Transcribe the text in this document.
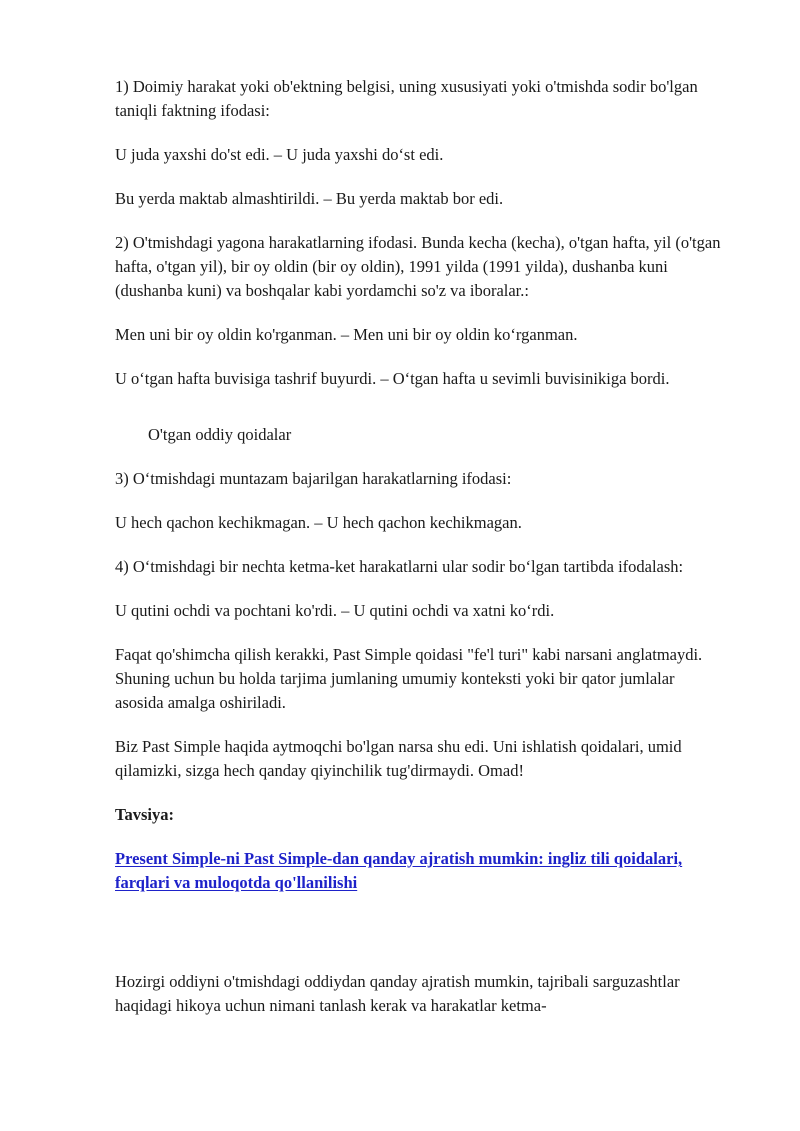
1) Doimiy harakat yoki ob'ektning belgisi, uning xususiyati yoki o'tmishda sodir bo'lgan taniqli faktning ifodasi:

U juda yaxshi do'st edi. – U juda yaxshi do‘st edi.

Bu yerda maktab almashtirildi. – Bu yerda maktab bor edi.

2) O'tmishdagi yagona harakatlarning ifodasi. Bunda kecha (kecha), o'tgan hafta, yil (o'tgan hafta, o'tgan yil), bir oy oldin (bir oy oldin), 1991 yilda (1991 yilda), dushanba kuni (dushanba kuni) va boshqalar kabi yordamchi so'z va iboralar.:

Men uni bir oy oldin ko'rganman. – Men uni bir oy oldin ko‘rganman.

U o‘tgan hafta buvisiga tashrif buyurdi. – O‘tgan hafta u sevimli buvisinikiga bordi.

O'tgan oddiy qoidalar

3) O‘tmishdagi muntazam bajarilgan harakatlarning ifodasi:

U hech qachon kechikmagan. – U hech qachon kechikmagan.

4) O‘tmishdagi bir nechta ketma-ket harakatlarni ular sodir bo‘lgan tartibda ifodalash:

U qutini ochdi va pochtani ko'rdi. – U qutini ochdi va xatni ko‘rdi.

Faqat qo'shimcha qilish kerakki, Past Simple qoidasi "fe'l turi" kabi narsani anglatmaydi. Shuning uchun bu holda tarjima jumlaning umumiy konteksti yoki bir qator jumlalar asosida amalga oshiriladi.

Biz Past Simple haqida aytmoqchi bo'lgan narsa shu edi. Uni ishlatish qoidalari, umid qilamizki, sizga hech qanday qiyinchilik tug'dirmaydi. Omad!

Tavsiya:

Present Simple-ni Past Simple-dan qanday ajratish mumkin: ingliz tili qoidalari, farqlari va muloqotda qo'llanilishi

Hozirgi oddiyni o'tmishdagi oddiydan qanday ajratish mumkin, tajribali sarguzashtlar haqidagi hikoya uchun nimani tanlash kerak va harakatlar ketma-
